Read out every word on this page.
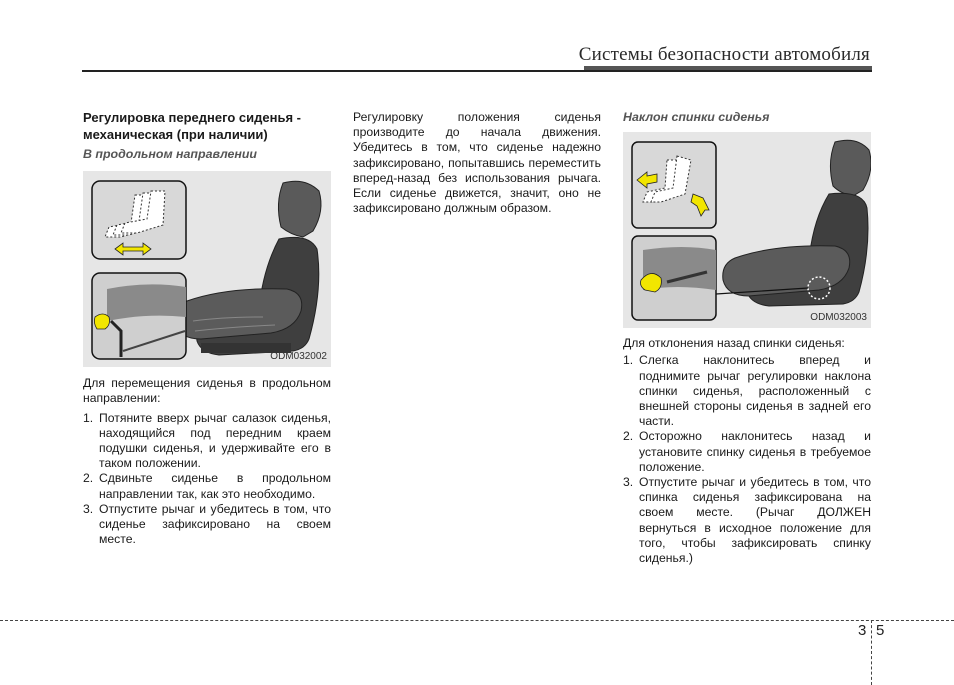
Системы безопасности автомобиля
Регулировка переднего сиденья - механическая (при наличии)
В продольном направлении
ODM032002
Для перемещения сиденья в продольном направлении:
1. Потяните вверх рычаг салазок сиденья, находящийся под передним краем подушки сиденья, и удерживайте его в таком положении.
2. Сдвиньте сиденье в продольном направлении так, как это необходимо.
3. Отпустите рычаг и убедитесь в том, что сиденье зафиксировано на своем месте.
Регулировку положения сиденья производите до начала движения. Убедитесь в том, что сиденье надежно зафиксировано, попытавшись переместить вперед-назад без использования рычага. Если сиденье движется, значит, оно не зафиксировано должным образом.
Наклон спинки сиденья
ODM032003
Для отклонения назад спинки сиденья:
1. Слегка наклонитесь вперед и поднимите рычаг регулировки наклона спинки сиденья, расположенный с внешней стороны сиденья в задней его части.
2. Осторожно наклонитесь назад и установите спинку сиденья в требуемое положение.
3. Отпустите рычаг и убедитесь в том, что спинка сиденья зафиксирована на своем месте. (Рычаг ДОЛЖЕН вернуться в исходное положение для того, чтобы зафиксировать спинку сиденья.)
3 5
